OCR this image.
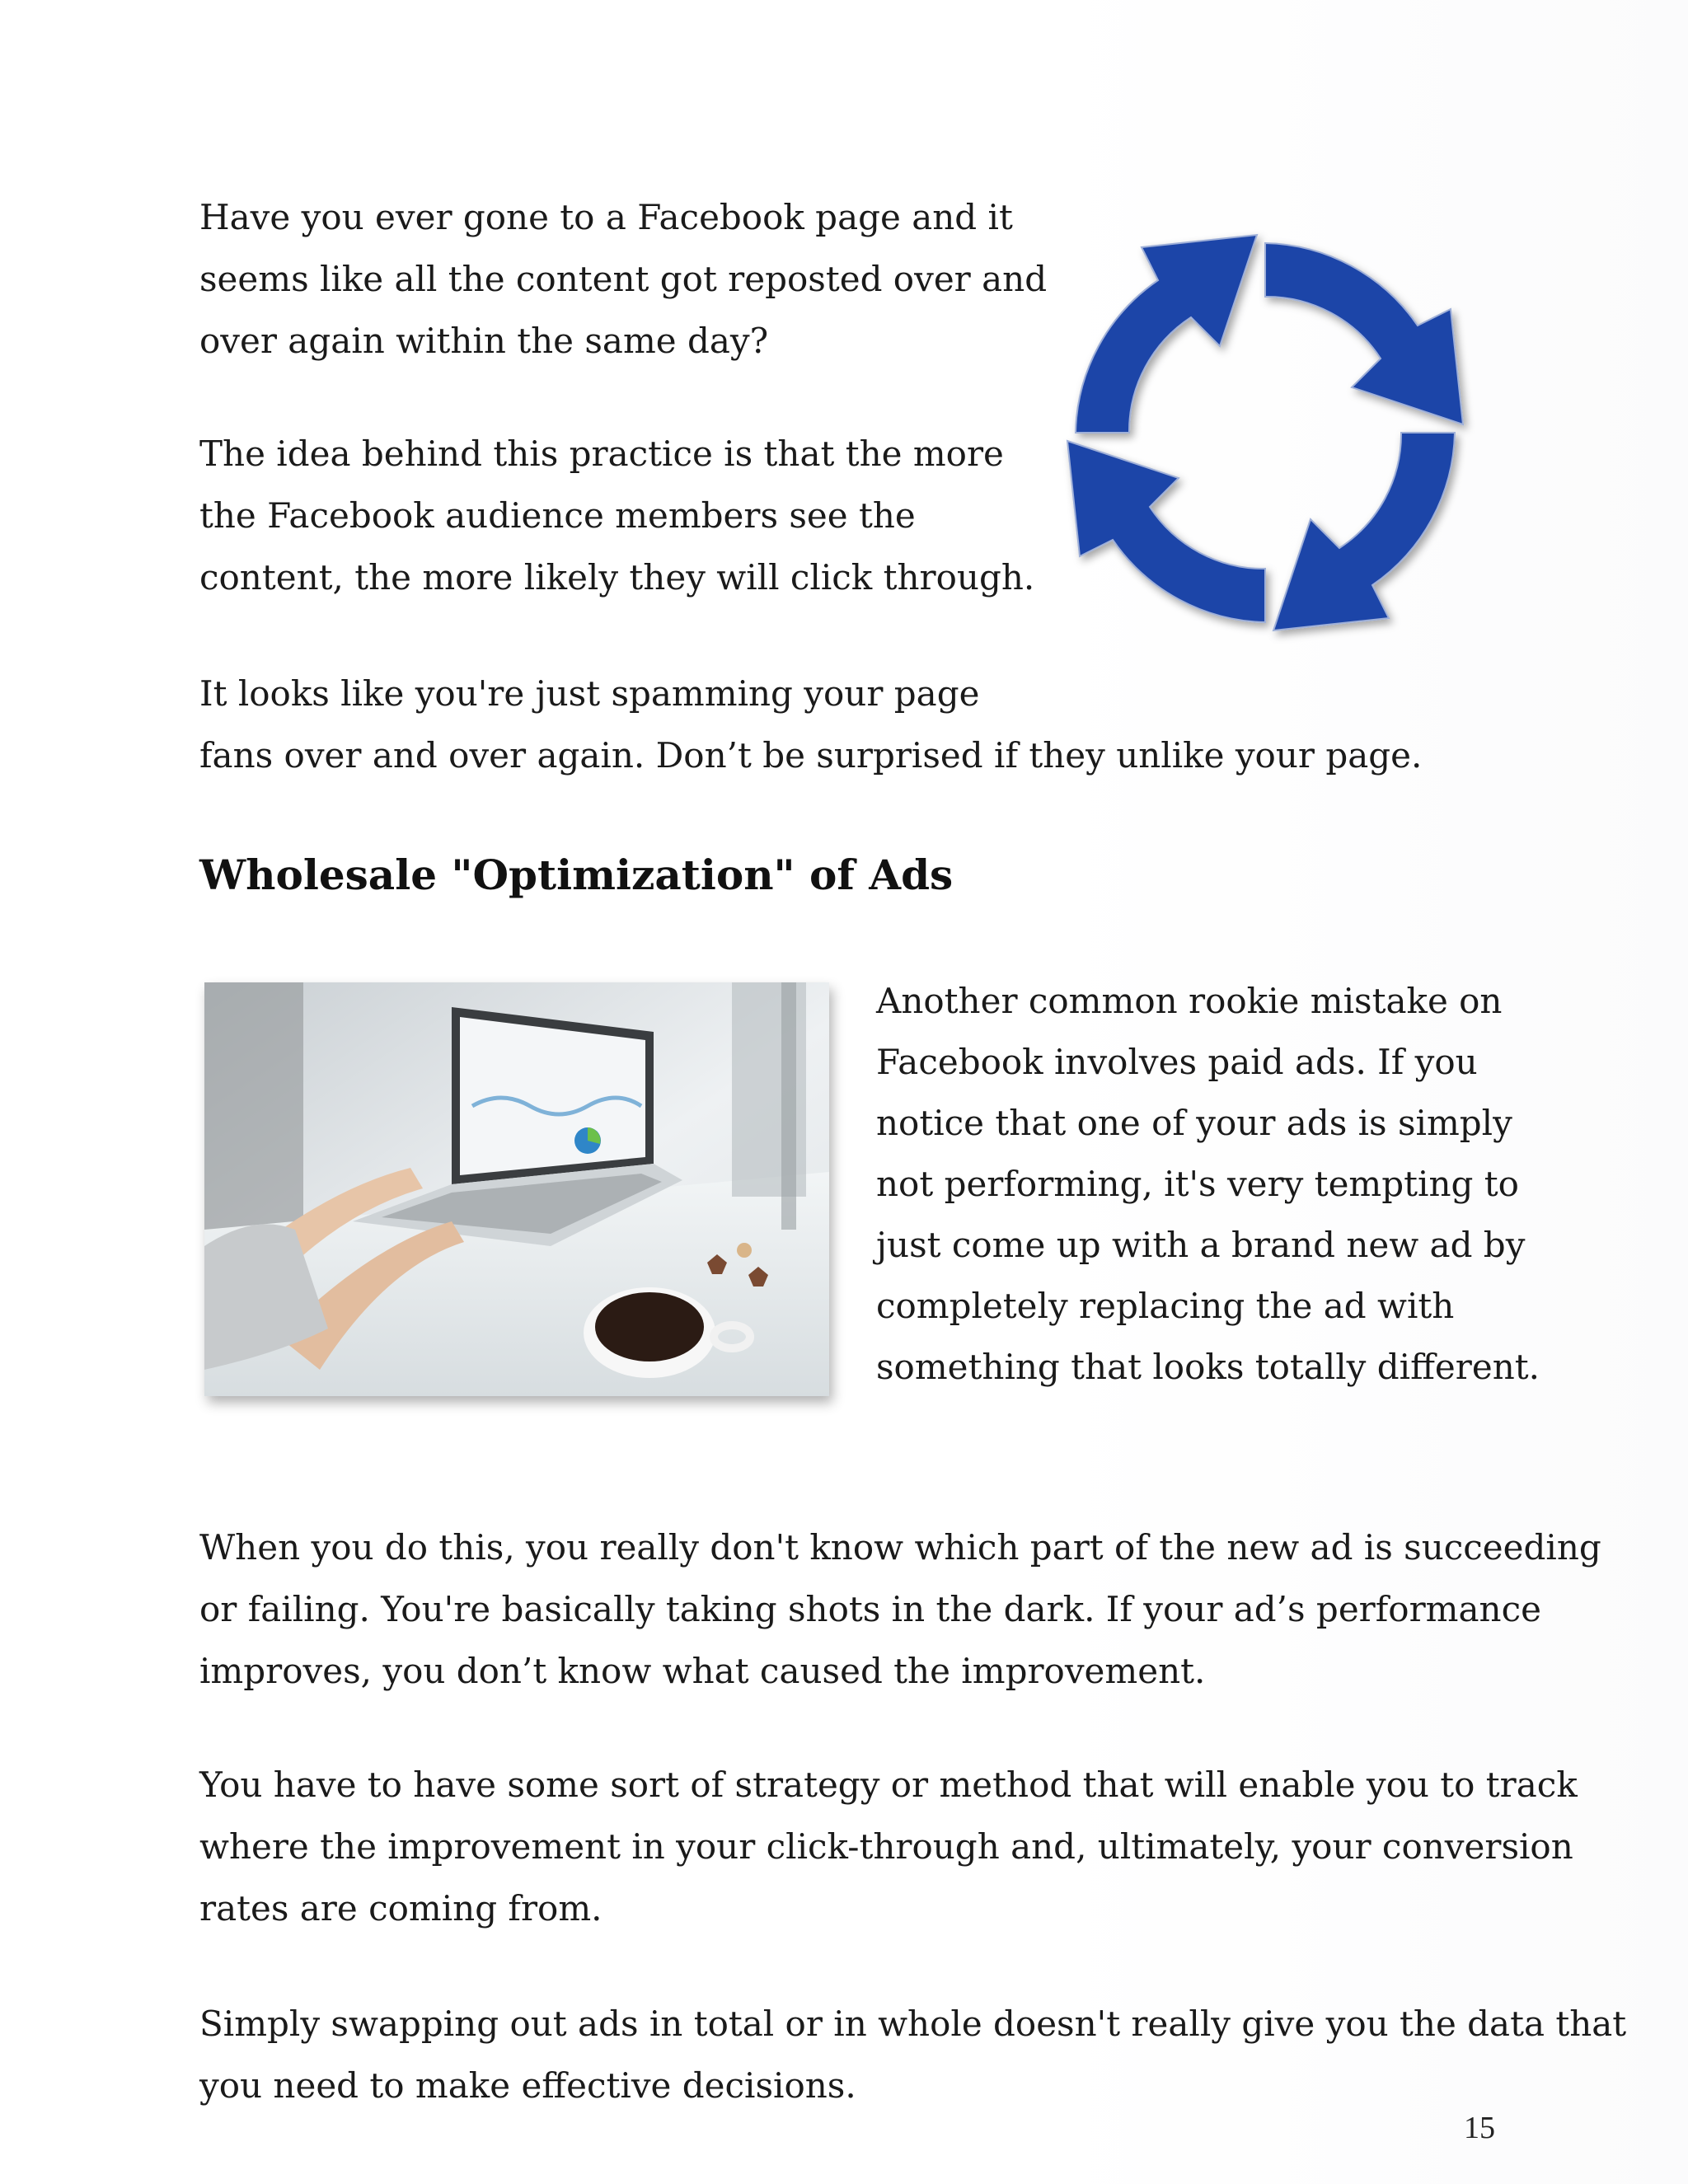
Have you ever gone to a Facebook page and it
seems like all the content got reposted over and
over again within the same day?

The idea behind this practice is that the more
the Facebook audience members see the
content, the more likely they will click through.

It looks like you're just spamming your page
fans over and over again. Don’t be surprised if they unlike your page.

Wholesale "Optimization" of Ads

Another common rookie mistake on
Facebook involves paid ads. If you
notice that one of your ads is simply
not performing, it's very tempting to
just come up with a brand new ad by
completely replacing the ad with
something that looks totally different.

When you do this, you really don't know which part of the new ad is succeeding
or failing. You're basically taking shots in the dark. If your ad’s performance
improves, you don’t know what caused the improvement.

You have to have some sort of strategy or method that will enable you to track
where the improvement in your click-through and, ultimately, your conversion
rates are coming from.

Simply swapping out ads in total or in whole doesn't really give you the data that
you need to make effective decisions.

15
